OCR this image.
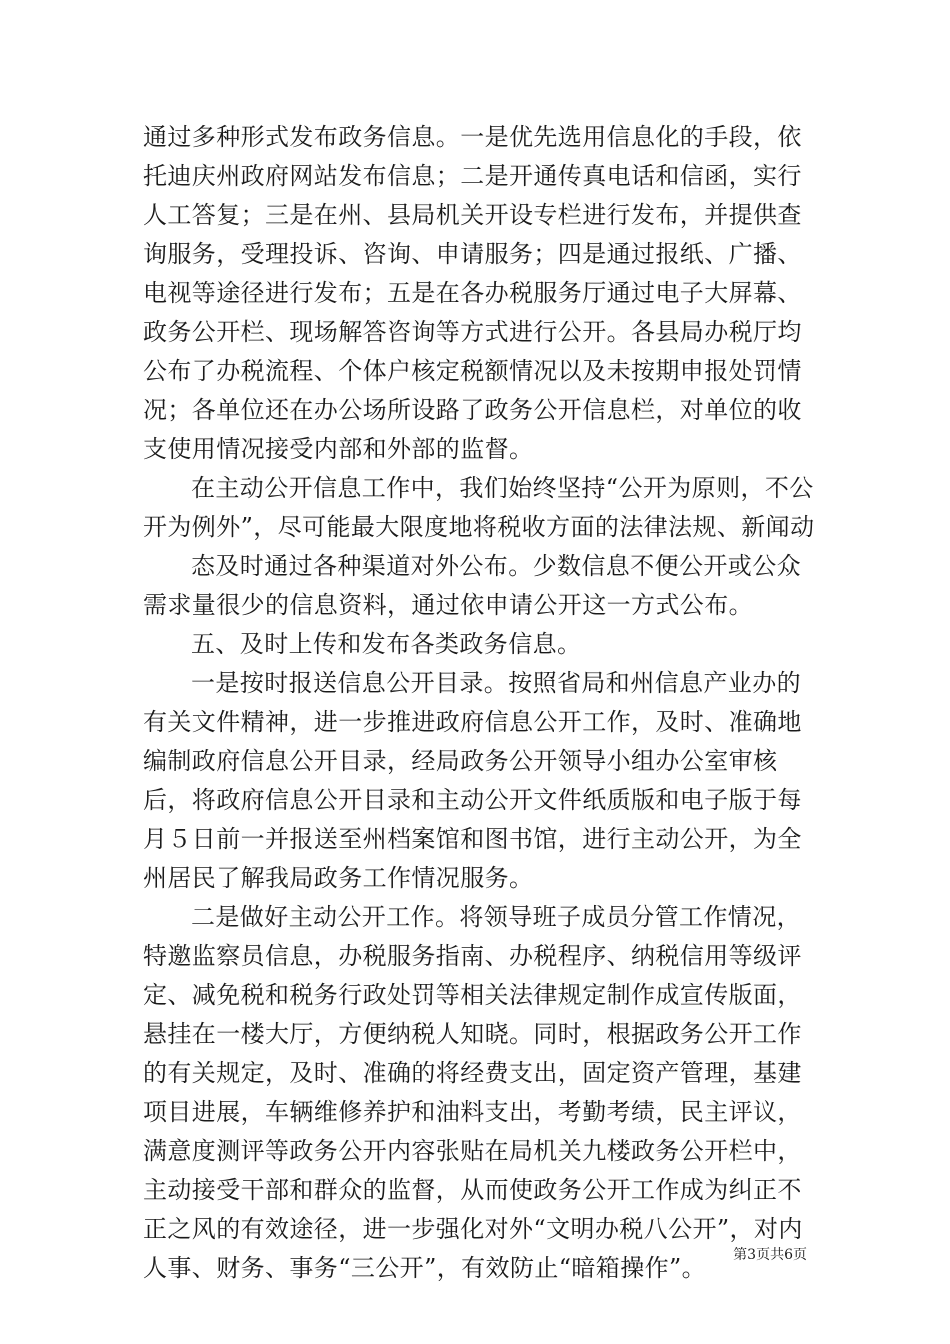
通过多种形式发布政务信息。一是优先选用信息化的手段，依托迪庆州政府网站发布信息；二是开通传真电话和信函，实行人工答复；三是在州、县局机关开设专栏进行发布，并提供查询服务，受理投诉、咨询、申请服务；四是通过报纸、广播、电视等途径进行发布；五是在各办税服务厅通过电子大屏幕、政务公开栏、现场解答咨询等方式进行公开。各县局办税厅均公布了办税流程、个体户核定税额情况以及未按期申报处罚情况；各单位还在办公场所设路了政务公开信息栏，对单位的收支使用情况接受内部和外部的监督。

在主动公开信息工作中，我们始终坚持“公开为原则，不公开为例外”，尽可能最大限度地将税收方面的法律法规、新闻动

态及时通过各种渠道对外公布。少数信息不便公开或公众需求量很少的信息资料，通过依申请公开这一方式公布。

五、及时上传和发布各类政务信息。

一是按时报送信息公开目录。按照省局和州信息产业办的有关文件精神，进一步推进政府信息公开工作，及时、准确地编制政府信息公开目录，经局政务公开领导小组办公室审核后，将政府信息公开目录和主动公开文件纸质版和电子版于每月５日前一并报送至州档案馆和图书馆，进行主动公开，为全州居民了解我局政务工作情况服务。

二是做好主动公开工作。将领导班子成员分管工作情况，特邀监察员信息，办税服务指南、办税程序、纳税信用等级评定、减免税和税务行政处罚等相关法律规定制作成宣传版面，悬挂在一楼大厅，方便纳税人知晓。同时，根据政务公开工作的有关规定，及时、准确的将经费支出，固定资产管理，基建项目进展，车辆维修养护和油料支出，考勤考绩，民主评议，满意度测评等政务公开内容张贴在局机关九楼政务公开栏中，主动接受干部和群众的监督，从而使政务公开工作成为纠正不正之风的有效途径，进一步强化对外“文明办税八公开”，对内人事、财务、事务“三公开”，有效防止“暗箱操作”。	第3页共6页
